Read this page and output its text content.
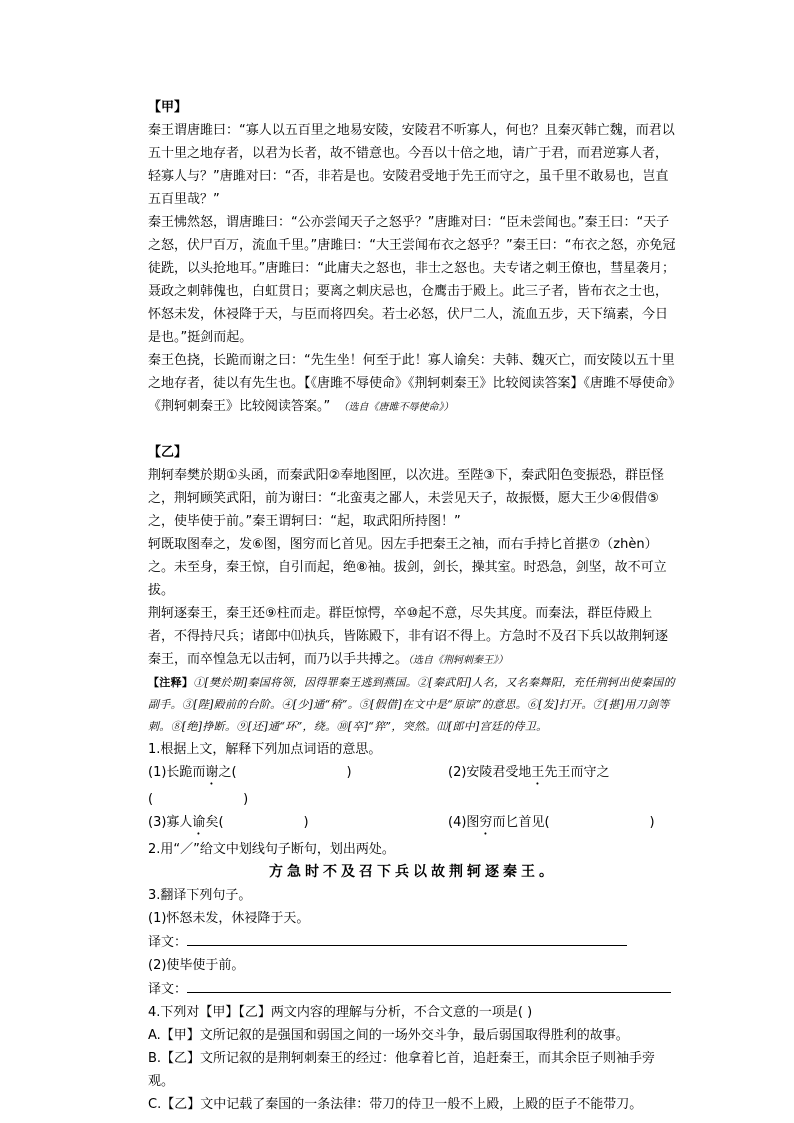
【甲】

秦王谓唐雎曰：“寡人以五百里之地易安陵，安陵君不听寡人，何也？且秦灭韩亡魏，而君以五十里之地存者，以君为长者，故不错意也。今吾以十倍之地，请广于君，而君逆寡人者，轻寡人与？”唐雎对曰：“否，非若是也。安陵君受地于先王而守之，虽千里不敢易也，岂直五百里哉？”

秦王怫然怒，谓唐雎曰：“公亦尝闻天子之怒乎？”唐雎对曰：“臣未尝闻也。”秦王曰：“天子之怒，伏尸百万，流血千里。”唐雎曰：“大王尝闻布衣之怒乎？”秦王曰：“布衣之怒，亦免冠徒跣，以头抢地耳。”唐雎曰：“此庸夫之怒也，非士之怒也。夫专诸之刺王僚也，彗星袭月；聂政之刺韩傀也，白虹贯日；要离之刺庆忌也，仓鹰击于殿上。此三子者，皆布衣之士也，怀怒未发，休祲降于天，与臣而将四矣。若士必怒，伏尸二人，流血五步，天下缟素，今日是也。”挺剑而起。

秦王色挠，长跪而谢之曰：“先生坐！何至于此！寡人谕矣：夫韩、魏灭亡，而安陵以五十里之地存者，徒以有先生也。【《唐雎不辱使命》《荆轲刺秦王》比较阅读答案】《唐雎不辱使命》《荆轲刺秦王》比较阅读答案。” （选自《唐雎不辱使命》）

【乙】

荆轲奉樊於期①头函，而秦武阳②奉地图匣，以次进。至陛③下，秦武阳色变振恐，群臣怪之，荆轲顾笑武阳，前为谢曰：“北蛮夷之鄙人，未尝见天子，故振慑，愿大王少④假借⑤之，使毕使于前。”秦王谓轲曰：“起，取武阳所持图！”

轲既取图奉之，发⑥图，图穷而匕首见。因左手把秦王之袖，而右手持匕首揕⑦（zhèn）之。未至身，秦王惊，自引而起，绝⑧袖。拔剑，剑长，操其室。时恐急，剑坚，故不可立拔。

荆轲逐秦王，秦王还⑨柱而走。群臣惊愕，卒⑩起不意，尽失其度。而秦法，群臣侍殿上者，不得持尺兵；诸郎中⑾执兵，皆陈殿下，非有诏不得上。方急时不及召下兵以故荆轲逐秦王，而卒惶急无以击轲，而乃以手共搏之。（选自《荆轲刺秦王》）

【注释】①[樊於期]秦国将领，因得罪秦王逃到燕国。②[秦武阳]人名，又名秦舞阳，充任荆轲出使秦国的副手。③[陛]殿前的台阶。④[少]通“稍”。⑤[假借]在文中是“原谅”的意思。⑥[发]打开。⑦[揕]用刀剑等刺。⑧[绝]挣断。⑨[还]通“环”，绕。⑩[卒]“猝”，突然。⑾[郎中]宫廷的侍卫。

1.根据上文，解释下列加点词语的意思。

(1)长跪而谢之(	)	(2)安陵君受地王先王而守之

(	)

(3)寡人谕矣(	)	(4)图穷而匕首见(	)

2.用“／”给文中划线句子断句，划出两处。

方急时不及召下兵以故荆轲逐秦王。

3.翻译下列句子。

(1)怀怒未发，休祲降于天。

译文：

(2)使毕使于前。

译文：

4.下列对【甲】【乙】两文内容的理解与分析，不合文意的一项是( )

A.【甲】文所记叙的是强国和弱国之间的一场外交斗争，最后弱国取得胜利的故事。

B.【乙】文所记叙的是荆轲刺秦王的经过：他拿着匕首，追赶秦王，而其余臣子则袖手旁观。

C.【乙】文中记载了秦国的一条法律：带刀的侍卫一般不上殿，上殿的臣子不能带刀。
